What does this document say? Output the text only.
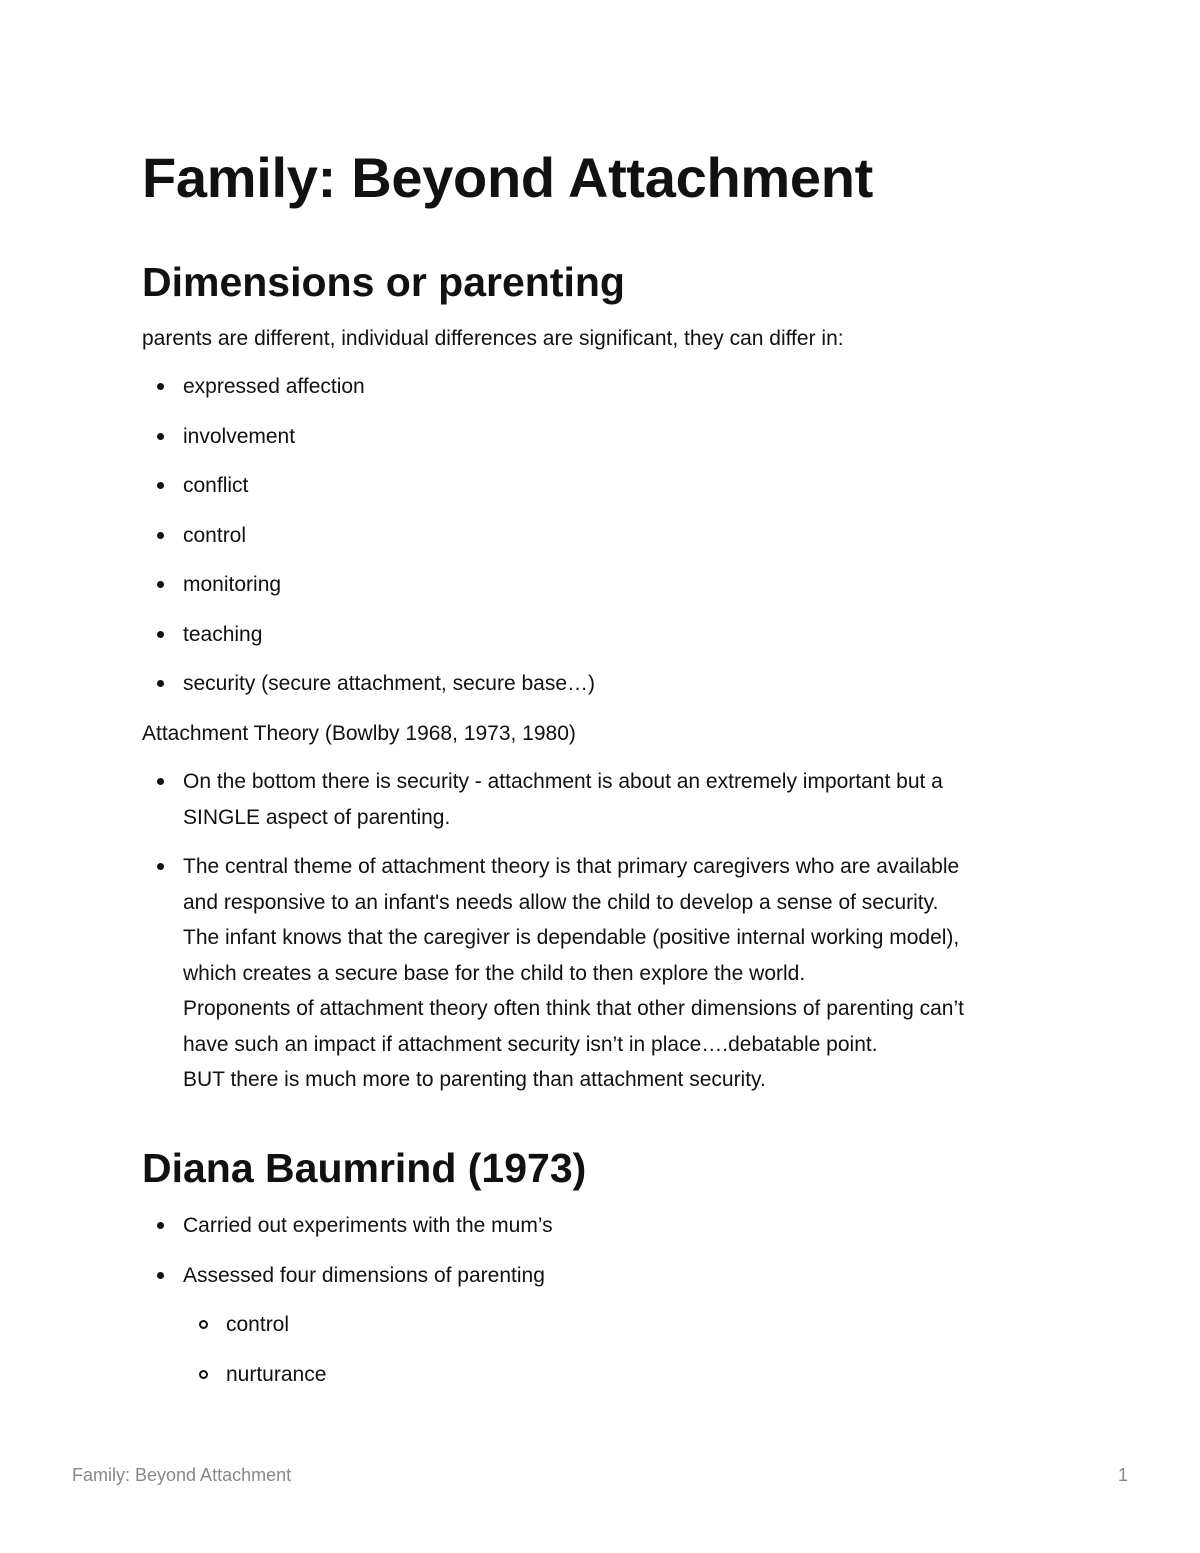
Family: Beyond Attachment
Dimensions or parenting

parents are different, individual differences are significant, they can differ in:

expressed affection
involvement
conflict
control
monitoring
teaching
security (secure attachment, secure base…)

Attachment Theory (Bowlby 1968, 1973, 1980)

On the bottom there is security - attachment is about an extremely important but a
SINGLE aspect of parenting.
The central theme of attachment theory is that primary caregivers who are available
and responsive to an infant's needs allow the child to develop a sense of security.
The infant knows that the caregiver is dependable (positive internal working model),
which creates a secure base for the child to then explore the world.
Proponents of attachment theory often think that other dimensions of parenting can’t
have such an impact if attachment security isn’t in place….debatable point.
BUT there is much more to parenting than attachment security.
Diana Baumrind (1973)
Carried out experiments with the mum’s
Assessed four dimensions of parenting
control
nurturance
Family: Beyond Attachment	1
